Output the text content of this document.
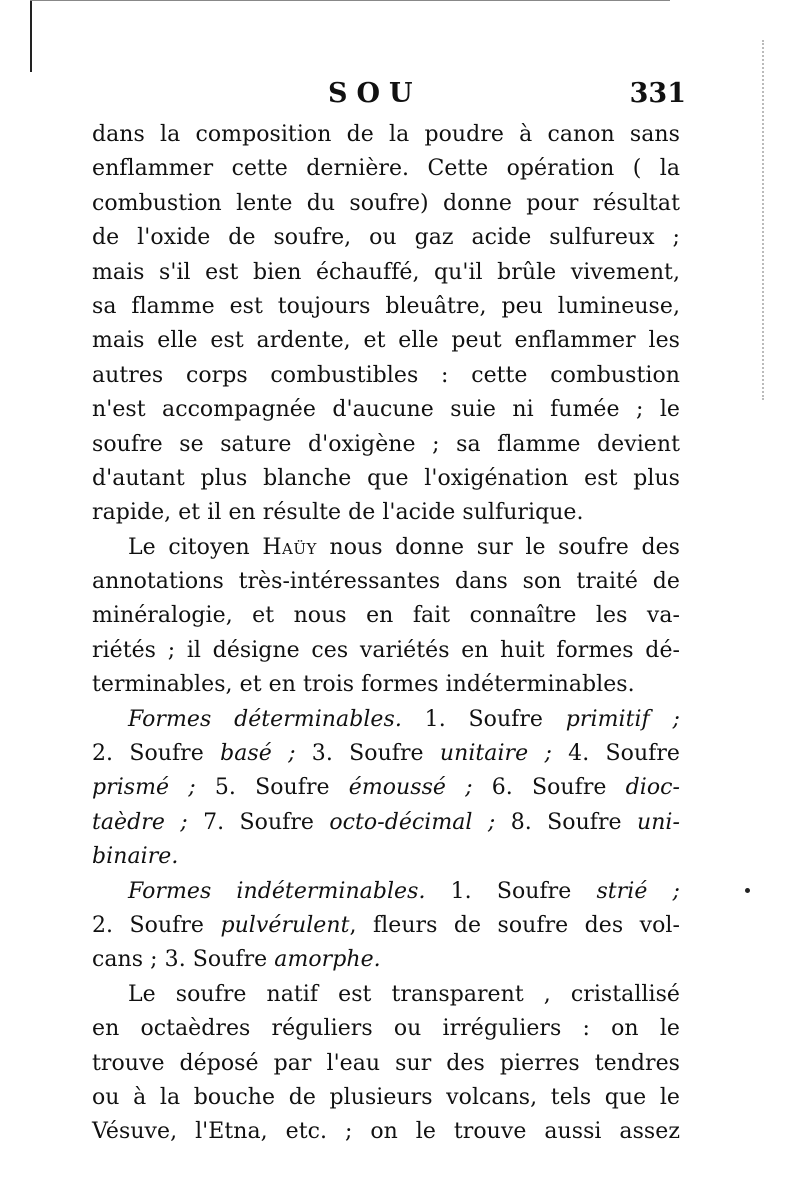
SOU	331
dans la composition de la poudre à canon sans
enflammer cette dernière. Cette opération ( la
combustion lente du soufre) donne pour résultat
de l'oxide de soufre, ou gaz acide sulfureux ;
mais s'il est bien échauffé, qu'il brûle vivement,
sa flamme est toujours bleuâtre, peu lumineuse,
mais elle est ardente, et elle peut enflammer les
autres corps combustibles : cette combustion
n'est accompagnée d'aucune suie ni fumée ; le
soufre se sature d'oxigène ; sa flamme devient
d'autant plus blanche que l'oxigénation est plus
rapide, et il en résulte de l'acide sulfurique.
Le citoyen Haüy nous donne sur le soufre des
annotations très-intéressantes dans son traité de
minéralogie, et nous en fait connaître les va-
riétés ; il désigne ces variétés en huit formes dé-
terminables, et en trois formes indéterminables.
Formes déterminables. 1. Soufre primitif ;
2. Soufre basé ; 3. Soufre unitaire ; 4. Soufre
prismé ; 5. Soufre émoussé ; 6. Soufre dioc-
taèdre ; 7. Soufre octo-décimal ; 8. Soufre uni-
binaire.
Formes indéterminables. 1. Soufre strié ;
2. Soufre pulvérulent, fleurs de soufre des vol-
cans ; 3. Soufre amorphe.
Le soufre natif est transparent , cristallisé
en octaèdres réguliers ou irréguliers : on le
trouve déposé par l'eau sur des pierres tendres
ou à la bouche de plusieurs volcans, tels que le
Vésuve, l'Etna, etc. ; on le trouve aussi assez
